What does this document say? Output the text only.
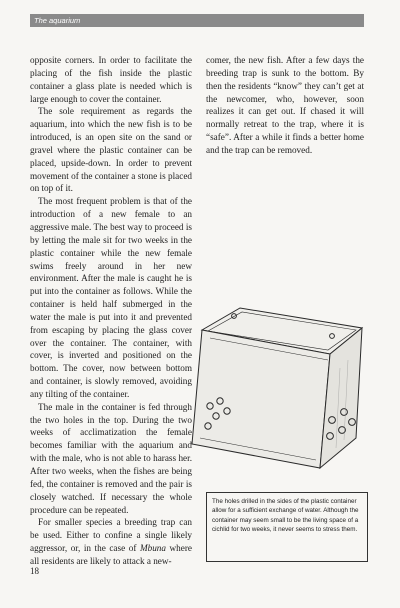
The aquarium

opposite corners. In order to facilitate the placing of the fish inside the plastic container a glass plate is needed which is large enough to cover the container.

The sole requirement as regards the aquarium, into which the new fish is to be introduced, is an open site on the sand or gravel where the plastic container can be placed, upside-down. In order to prevent movement of the container a stone is placed on top of it.

The most frequent problem is that of the introduction of a new female to an aggressive male. The best way to proceed is by letting the male sit for two weeks in the plastic container while the new female swims freely around in her new environment. After the male is caught he is put into the container as follows. While the container is held half submerged in the water the male is put into it and prevented from escaping by placing the glass cover over the container. The container, with cover, is inverted and positioned on the bottom. The cover, now between bottom and container, is slowly removed, avoiding any tilting of the container.

The male in the container is fed through the two holes in the top. During the two weeks of acclimatization the female becomes familiar with the aquarium and with the male, who is not able to harass her. After two weeks, when the fishes are being fed, the container is removed and the pair is closely watched. If necessary the whole procedure can be repeated.

For smaller species a breeding trap can be used. Either to confine a single likely aggressor, or, in the case of Mbuna where all residents are likely to attack a new-

comer, the new fish. After a few days the breeding trap is sunk to the bottom. By then the residents “know” they can’t get at the newcomer, who, however, soon realizes it can get out. If chased it will normally retreat to the trap, where it is “safe”. After a while it finds a better home and the trap can be removed.

The holes drilled in the sides of the plastic container allow for a sufficient exchange of water. Although the container may seem small to be the living space of a cichlid for two weeks, it never seems to stress them.
18
